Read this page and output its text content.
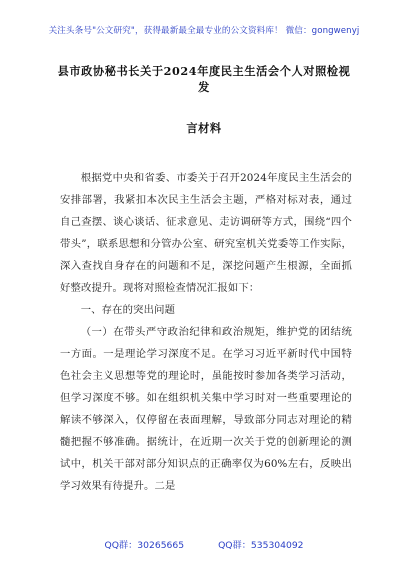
关注头条号"公文研究"，获得最新最全最专业的公文资料库！ 微信：gongwenyj
县市政协秘书长关于2024年度民主生活会个人对照检视发
言材料

根据党中央和省委、市委关于召开2024年度民主生活会的安排部署，我紧扣本次民主生活会主题，严格对标对表，通过自己查摆、谈心谈话、征求意见、走访调研等方式，围绕“四个带头”，联系思想和分管办公室、研究室机关党委等工作实际，深入查找自身存在的问题和不足，深挖问题产生根源，全面抓好整改提升。现将对照检查情况汇报如下：

一、存在的突出问题

（一）在带头严守政治纪律和政治规矩，维护党的团结统一方面。一是理论学习深度不足。在学习习近平新时代中国特色社会主义思想等党的理论时，虽能按时参加各类学习活动，但学习深度不够。如在组织机关集中学习时对一些重要理论的解读不够深入，仅停留在表面理解，导致部分同志对理论的精髓把握不够准确。据统计，在近期一次关于党的创新理论的测试中，机关干部对部分知识点的正确率仅为60%左右，反映出学习效果有待提升。二是

QQ群：30265665	QQ群：535304092
